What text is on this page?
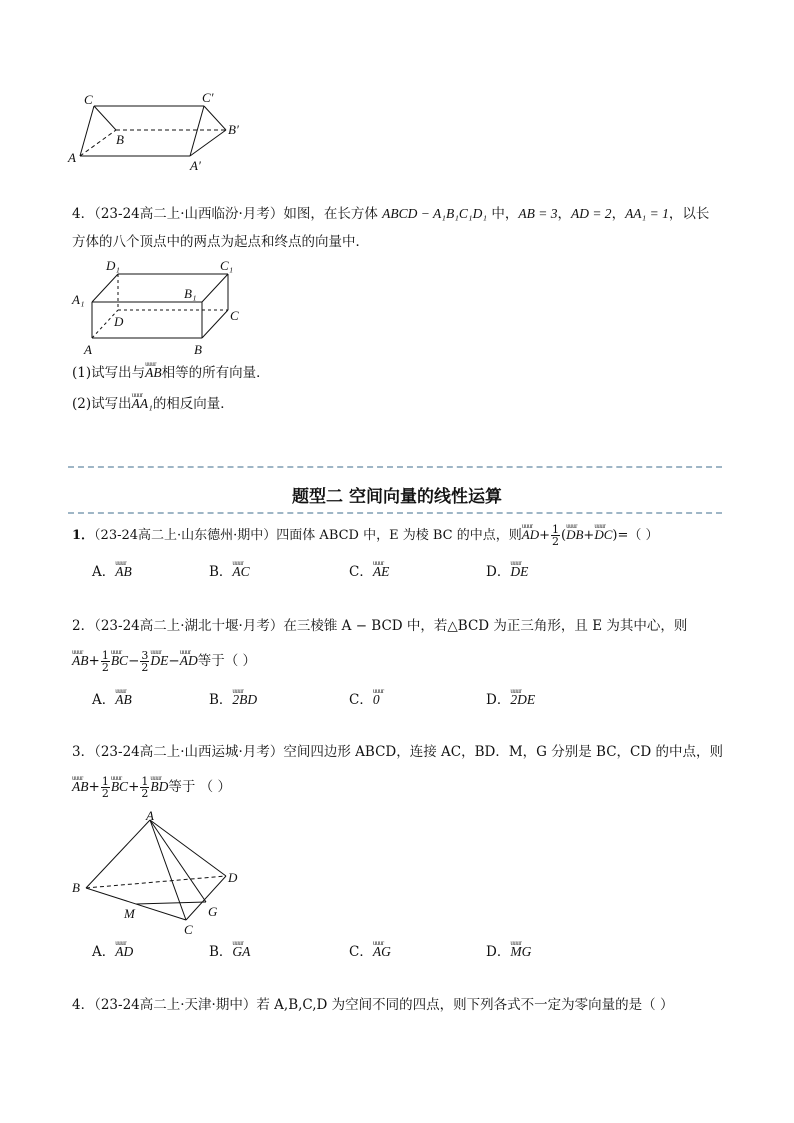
C	C′
B
B′
A
A′
4．（23-24高二上·山西临汾·月考）如图，在长方体 ABCD − A₁B₁C₁D₁ 中，AB = 3，AD = 2，AA₁ = 1，以长
方体的八个顶点中的两点为起点和终点的向量中．
D₁	C₁
A₁	B₁
D	C
A	B
(1)试写出与uuur AB相等的所有向量．
(2)试写出uuur AA₁的相反向量．
题型二 空间向量的线性运算
1．（23-24高二上·山东德州·期中）四面体 ABCD 中，E 为棱 BC 的中点，则uuur $AD+ \frac{1}{2}$ (uuur DB+uuur DC)=（ ）
A．uuur AB	B．uuur AC	C．uuur AE	D．uuur DE
2．（23-24高二上·湖北十堰·月考）在三棱锥 A − BCD 中，若△BCD 为正三角形，且 E 为其中心，则
uuur $AB+ \frac{1}{2}$ uuur $BC- \frac{3}{2}$ uuur DE−uuur AD等于（ ）
A．uuur AB	B．uuur 2BD	C．uuur 0	D．uuur 2DE
3．（23-24高二上·山西运城·月考）空间四边形 ABCD，连接 AC，BD．M，G 分别是 BC，CD 的中点，则
uuur $AB+ \frac{1}{2}$ uuur $BC+ \frac{1}{2}$ uuur BD等于 （ ）
A
B
D
M	G
C
A．uuur AD	B．uuur GA	C．uuur AG	D．uuur MG
4．（23-24高二上·天津·期中）若 A,B,C,D 为空间不同的四点，则下列各式不一定为零向量的是（ ）
